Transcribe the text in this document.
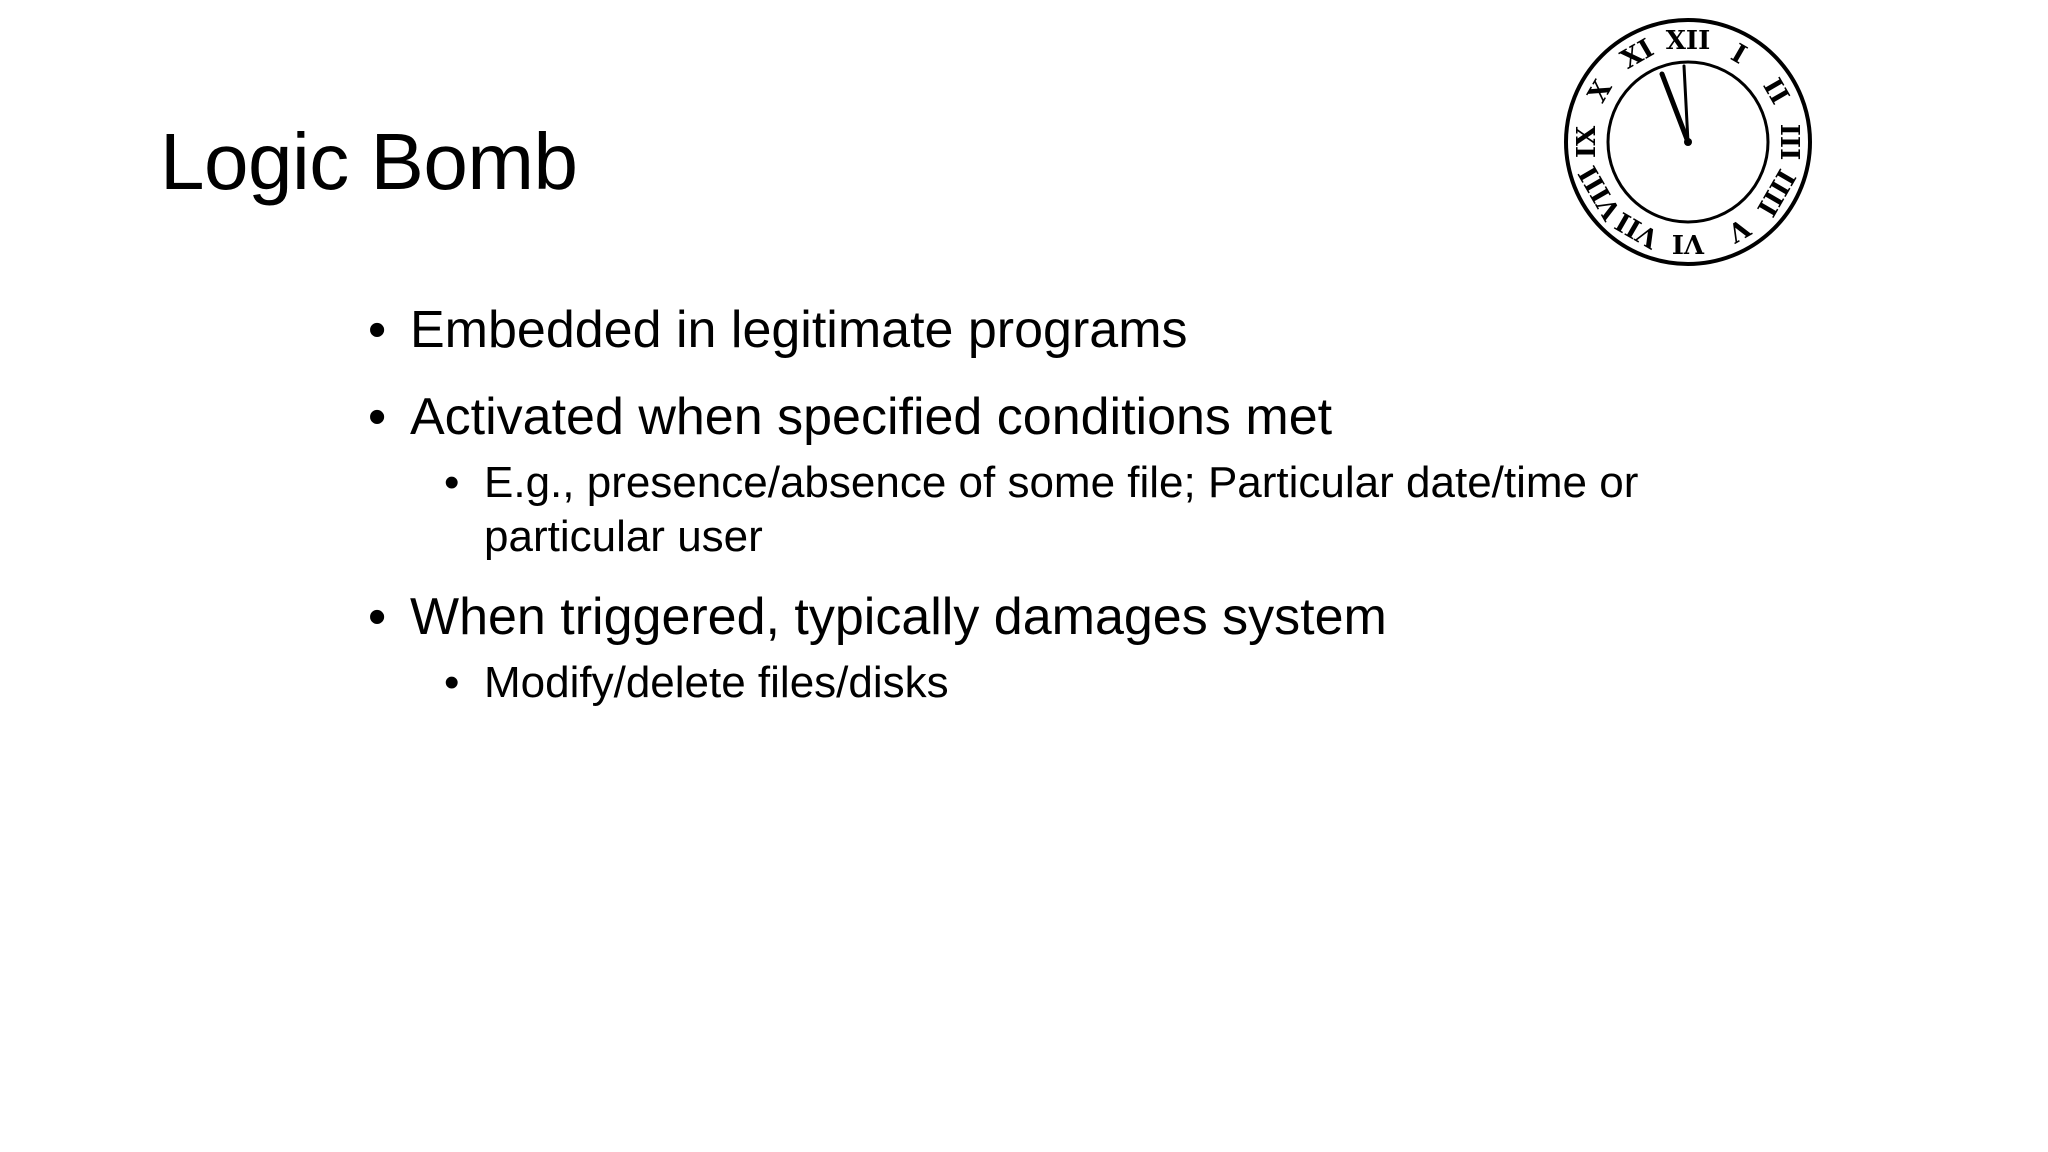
Logic Bomb
XII I
II
III
IIII
V
VI
VII
VIII
IX
X
XI
• Embedded in legitimate programs
• Activated when specified conditions met
• E.g., presence/absence of some file; Particular date/time or particular user
• When triggered, typically damages system
• Modify/delete files/disks
